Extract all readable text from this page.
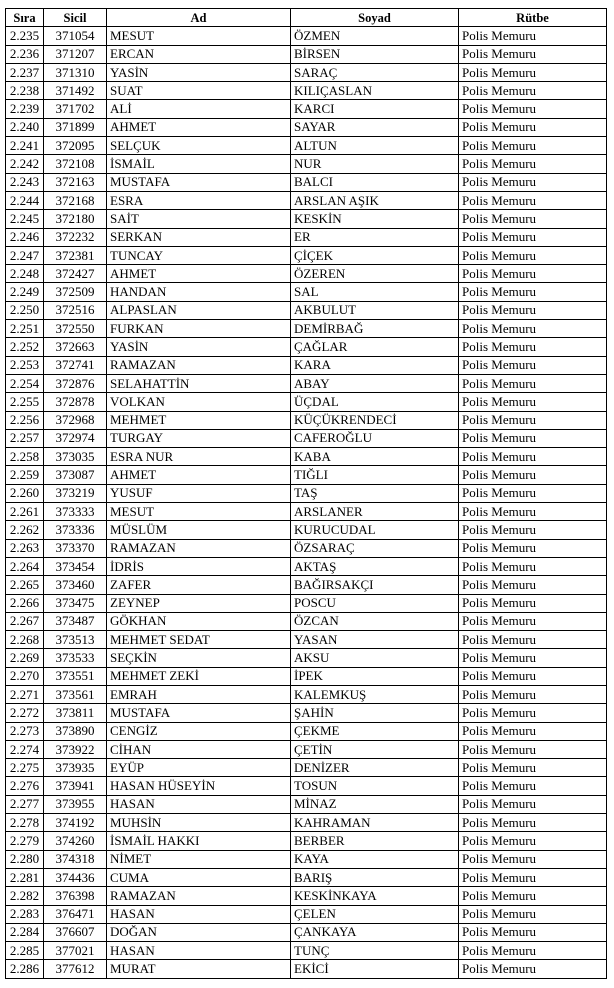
Sıra	Sicil	Ad	Soyad	Rütbe
2.235	371054	MESUT	ÖZMEN	Polis Memuru
2.236	371207	ERCAN	BİRSEN	Polis Memuru
2.237	371310	YASİN	SARAÇ	Polis Memuru
2.238	371492	SUAT	KILIÇASLAN	Polis Memuru
2.239	371702	ALİ	KARCI	Polis Memuru
2.240	371899	AHMET	SAYAR	Polis Memuru
2.241	372095	SELÇUK	ALTUN	Polis Memuru
2.242	372108	İSMAİL	NUR	Polis Memuru
2.243	372163	MUSTAFA	BALCI	Polis Memuru
2.244	372168	ESRA	ARSLAN AŞIK	Polis Memuru
2.245	372180	SAİT	KESKİN	Polis Memuru
2.246	372232	SERKAN	ER	Polis Memuru
2.247	372381	TUNCAY	ÇİÇEK	Polis Memuru
2.248	372427	AHMET	ÖZEREN	Polis Memuru
2.249	372509	HANDAN	SAL	Polis Memuru
2.250	372516	ALPASLAN	AKBULUT	Polis Memuru
2.251	372550	FURKAN	DEMİRBAĞ	Polis Memuru
2.252	372663	YASİN	ÇAĞLAR	Polis Memuru
2.253	372741	RAMAZAN	KARA	Polis Memuru
2.254	372876	SELAHATTİN	ABAY	Polis Memuru
2.255	372878	VOLKAN	ÜÇDAL	Polis Memuru
2.256	372968	MEHMET	KÜÇÜKRENDECİ	Polis Memuru
2.257	372974	TURGAY	CAFEROĞLU	Polis Memuru
2.258	373035	ESRA NUR	KABA	Polis Memuru
2.259	373087	AHMET	TIĞLI	Polis Memuru
2.260	373219	YUSUF	TAŞ	Polis Memuru
2.261	373333	MESUT	ARSLANER	Polis Memuru
2.262	373336	MÜSLÜM	KURUCUDAL	Polis Memuru
2.263	373370	RAMAZAN	ÖZSARAÇ	Polis Memuru
2.264	373454	İDRİS	AKTAŞ	Polis Memuru
2.265	373460	ZAFER	BAĞIRSAKÇI	Polis Memuru
2.266	373475	ZEYNEP	POSCU	Polis Memuru
2.267	373487	GÖKHAN	ÖZCAN	Polis Memuru
2.268	373513	MEHMET SEDAT	YASAN	Polis Memuru
2.269	373533	SEÇKİN	AKSU	Polis Memuru
2.270	373551	MEHMET ZEKİ	İPEK	Polis Memuru
2.271	373561	EMRAH	KALEMKUŞ	Polis Memuru
2.272	373811	MUSTAFA	ŞAHİN	Polis Memuru
2.273	373890	CENGİZ	ÇEKME	Polis Memuru
2.274	373922	CİHAN	ÇETİN	Polis Memuru
2.275	373935	EYÜP	DENİZER	Polis Memuru
2.276	373941	HASAN HÜSEYİN	TOSUN	Polis Memuru
2.277	373955	HASAN	MİNAZ	Polis Memuru
2.278	374192	MUHSİN	KAHRAMAN	Polis Memuru
2.279	374260	İSMAİL HAKKI	BERBER	Polis Memuru
2.280	374318	NİMET	KAYA	Polis Memuru
2.281	374436	CUMA	BARIŞ	Polis Memuru
2.282	376398	RAMAZAN	KESKİNKAYA	Polis Memuru
2.283	376471	HASAN	ÇELEN	Polis Memuru
2.284	376607	DOĞAN	ÇANKAYA	Polis Memuru
2.285	377021	HASAN	TUNÇ	Polis Memuru
2.286	377612	MURAT	EKİCİ	Polis Memuru
